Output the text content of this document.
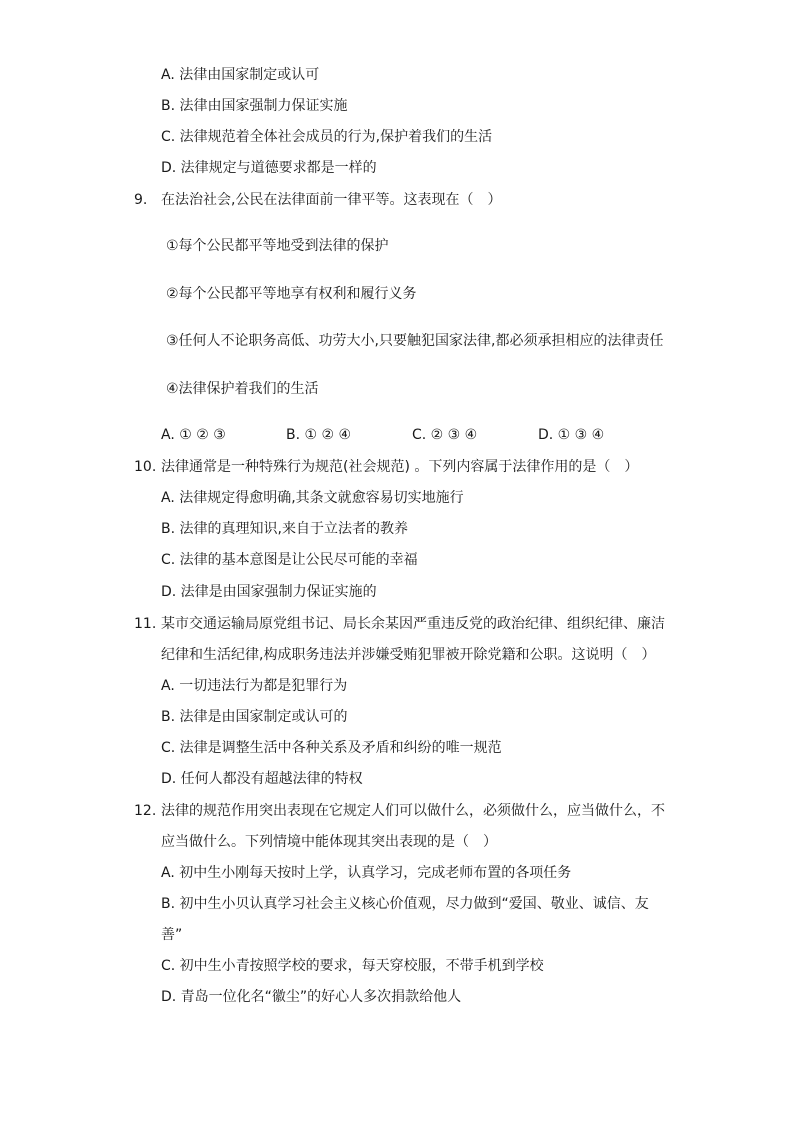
A. 法律由国家制定或认可
B. 法律由国家强制力保证实施
C. 法律规范着全体社会成员的行为,保护着我们的生活
D. 法律规定与道德要求都是一样的
9. 在法治社会,公民在法律面前一律平等。这表现在（　）
①每个公民都平等地受到法律的保护
②每个公民都平等地享有权利和履行义务
③任何人不论职务高低、功劳大小,只要触犯国家法律,都必须承担相应的法律责任
④法律保护着我们的生活
A. ① ② ③	B. ① ② ④	C. ② ③ ④	D. ① ③ ④
10. 法律通常是一种特殊行为规范(社会规范) 。下列内容属于法律作用的是（　）
A. 法律规定得愈明确,其条文就愈容易切实地施行
B. 法律的真理知识,来自于立法者的教养
C. 法律的基本意图是让公民尽可能的幸福
D. 法律是由国家强制力保证实施的
11. 某市交通运输局原党组书记、局长余某因严重违反党的政治纪律、组织纪律、廉洁
纪律和生活纪律,构成职务违法并涉嫌受贿犯罪被开除党籍和公职。这说明（　）
A. 一切违法行为都是犯罪行为
B. 法律是由国家制定或认可的
C. 法律是调整生活中各种关系及矛盾和纠纷的唯一规范
D. 任何人都没有超越法律的特权
12. 法律的规范作用突出表现在它规定人们可以做什么，必须做什么，应当做什么，不
应当做什么。下列情境中能体现其突出表现的是（　）
A. 初中生小刚每天按时上学，认真学习，完成老师布置的各项任务
B. 初中生小贝认真学习社会主义核心价值观，尽力做到“爱国、敬业、诚信、友
善”
C. 初中生小青按照学校的要求，每天穿校服，不带手机到学校
D. 青岛一位化名“徽尘”的好心人多次捐款给他人
